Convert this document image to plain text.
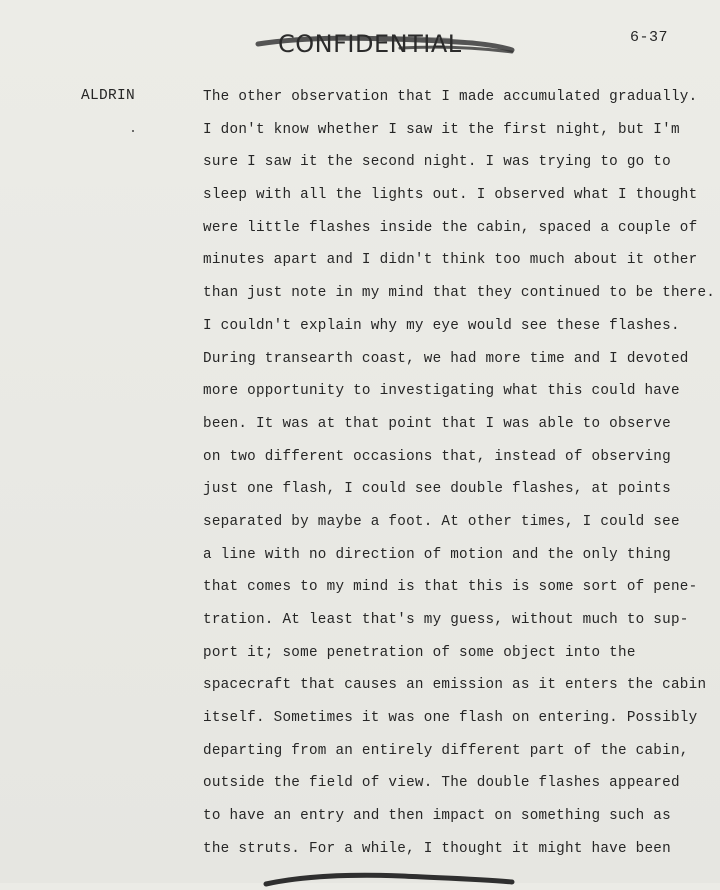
CONFIDENTIAL	6-37
ALDRIN	The other observation that I made accumulated gradually.
I don't know whether I saw it the first night, but I'm
sure I saw it the second night. I was trying to go to
sleep with all the lights out. I observed what I thought
were little flashes inside the cabin, spaced a couple of
minutes apart and I didn't think too much about it other
than just note in my mind that they continued to be there.
I couldn't explain why my eye would see these flashes.
During transearth coast, we had more time and I devoted
more opportunity to investigating what this could have
been. It was at that point that I was able to observe
on two different occasions that, instead of observing
just one flash, I could see double flashes, at points
separated by maybe a foot. At other times, I could see
a line with no direction of motion and the only thing
that comes to my mind is that this is some sort of pene-
tration. At least that's my guess, without much to sup-
port it; some penetration of some object into the
spacecraft that causes an emission as it enters the cabin
itself. Sometimes it was one flash on entering. Possibly
departing from an entirely different part of the cabin,
outside the field of view. The double flashes appeared
to have an entry and then impact on something such as
the struts. For a while, I thought it might have been
